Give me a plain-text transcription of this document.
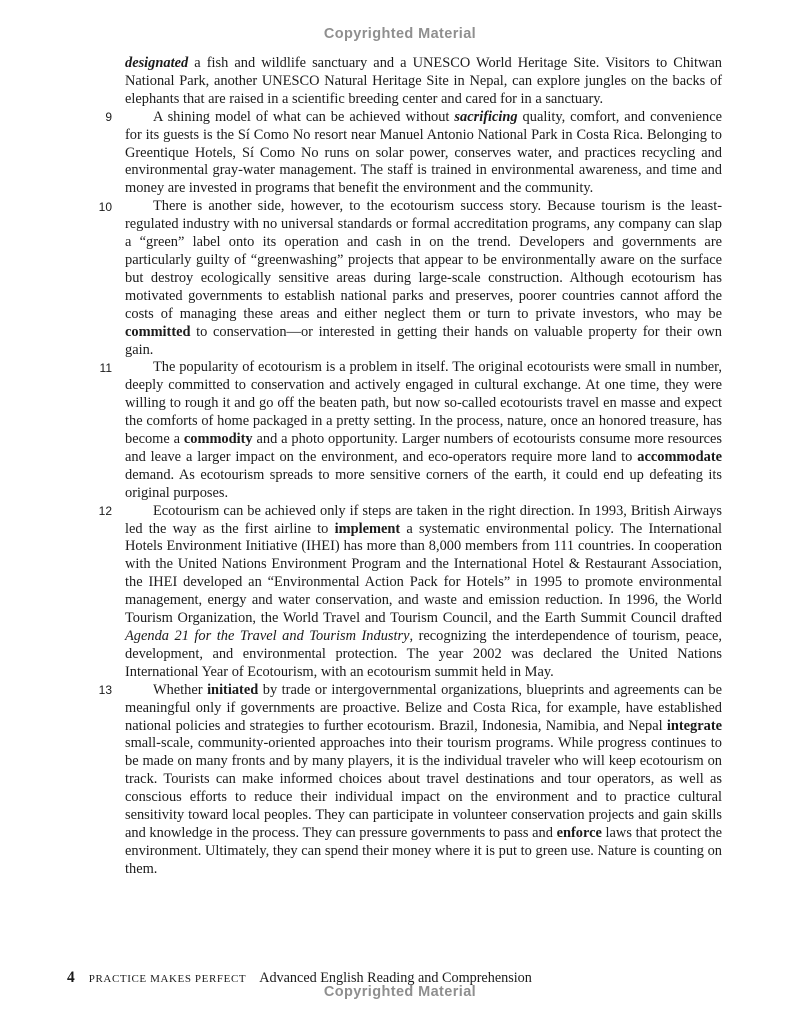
Copyrighted Material
designated a fish and wildlife sanctuary and a UNESCO World Heritage Site. Visitors to Chitwan National Park, another UNESCO Natural Heritage Site in Nepal, can explore jungles on the backs of elephants that are raised in a scientific breeding center and cared for in a sanctuary.
9	A shining model of what can be achieved without sacrificing quality, comfort, and convenience for its guests is the Sí Como No resort near Manuel Antonio National Park in Costa Rica. Belonging to Greentique Hotels, Sí Como No runs on solar power, conserves water, and practices recycling and environmental gray-water management. The staff is trained in environmental awareness, and time and money are invested in programs that benefit the environment and the community.
10	There is another side, however, to the ecotourism success story. Because tourism is the least-regulated industry with no universal standards or formal accreditation programs, any company can slap a “green” label onto its operation and cash in on the trend. Developers and governments are particularly guilty of “greenwashing” projects that appear to be environmentally aware on the surface but destroy ecologically sensitive areas during large-scale construction. Although ecotourism has motivated governments to establish national parks and preserves, poorer countries cannot afford the costs of managing these areas and either neglect them or turn to private investors, who may be committed to conservation—or interested in getting their hands on valuable property for their own gain.
11	The popularity of ecotourism is a problem in itself. The original ecotourists were small in number, deeply committed to conservation and actively engaged in cultural exchange. At one time, they were willing to rough it and go off the beaten path, but now so-called ecotourists travel en masse and expect the comforts of home packaged in a pretty setting. In the process, nature, once an honored treasure, has become a commodity and a photo opportunity. Larger numbers of ecotourists consume more resources and leave a larger impact on the environment, and eco-operators require more land to accommodate demand. As ecotourism spreads to more sensitive corners of the earth, it could end up defeating its original purposes.
12	Ecotourism can be achieved only if steps are taken in the right direction. In 1993, British Airways led the way as the first airline to implement a systematic environmental policy. The International Hotels Environment Initiative (IHEI) has more than 8,000 members from 111 countries. In cooperation with the United Nations Environment Program and the International Hotel & Restaurant Association, the IHEI developed an “Environmental Action Pack for Hotels” in 1995 to promote environmental management, energy and water conservation, and waste and emission reduction. In 1996, the World Tourism Organization, the World Travel and Tourism Council, and the Earth Summit Council drafted Agenda 21 for the Travel and Tourism Industry, recognizing the interdependence of tourism, peace, development, and environmental protection. The year 2002 was declared the United Nations International Year of Ecotourism, with an ecotourism summit held in May.
13	Whether initiated by trade or intergovernmental organizations, blueprints and agreements can be meaningful only if governments are proactive. Belize and Costa Rica, for example, have established national policies and strategies to further ecotourism. Brazil, Indonesia, Namibia, and Nepal integrate small-scale, community-oriented approaches into their tourism programs. While progress continues to be made on many fronts and by many players, it is the individual traveler who will keep ecotourism on track. Tourists can make informed choices about travel destinations and tour operators, as well as conscious efforts to reduce their individual impact on the environment and to practice cultural sensitivity toward local peoples. They can participate in volunteer conservation projects and gain skills and knowledge in the process. They can pressure governments to pass and enforce laws that protect the environment. Ultimately, they can spend their money where it is put to green use. Nature is counting on them.
4 PRACTICE MAKES PERFECT Advanced English Reading and Comprehension
Copyrighted Material
